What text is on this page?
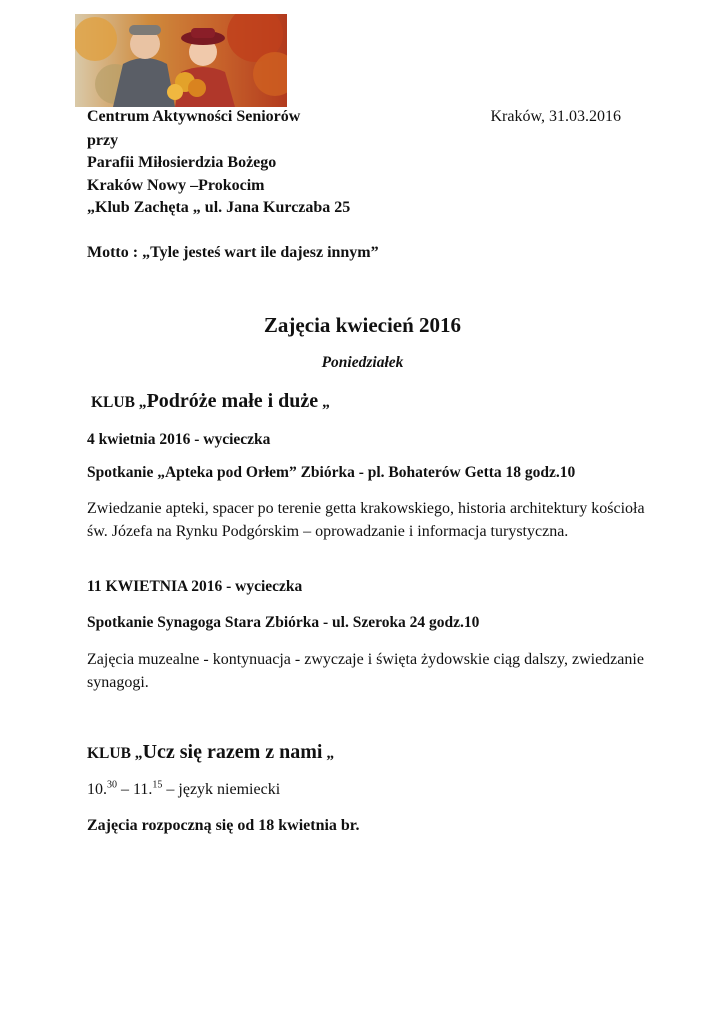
Centrum Aktywności Seniorów	Kraków, 31.03.2016
przy
Parafii Miłosierdzia Bożego
Kraków Nowy –Prokocim
„Klub Zachęta „ ul. Jana Kurczaba 25
Motto : „Tyle jesteś wart ile dajesz innym”
Zajęcia kwiecień 2016
Poniedziałek
KLUB „Podróże małe i duże „
4 kwietnia 2016 - wycieczka
Spotkanie „Apteka pod Orłem” Zbiórka - pl. Bohaterów Getta 18 godz.10
Zwiedzanie apteki, spacer po terenie getta krakowskiego, historia architektury kościoła św. Józefa na Rynku Podgórskim – oprowadzanie i informacja turystyczna.
11 KWIETNIA 2016 - wycieczka
Spotkanie Synagoga Stara Zbiórka - ul. Szeroka 24 godz.10
Zajęcia muzealne - kontynuacja - zwyczaje i święta żydowskie ciąg dalszy, zwiedzanie synagogi.
KLUB „Ucz się razem z nami „
10.30 – 11.15 – język niemiecki
Zajęcia rozpoczną się od 18 kwietnia br.
